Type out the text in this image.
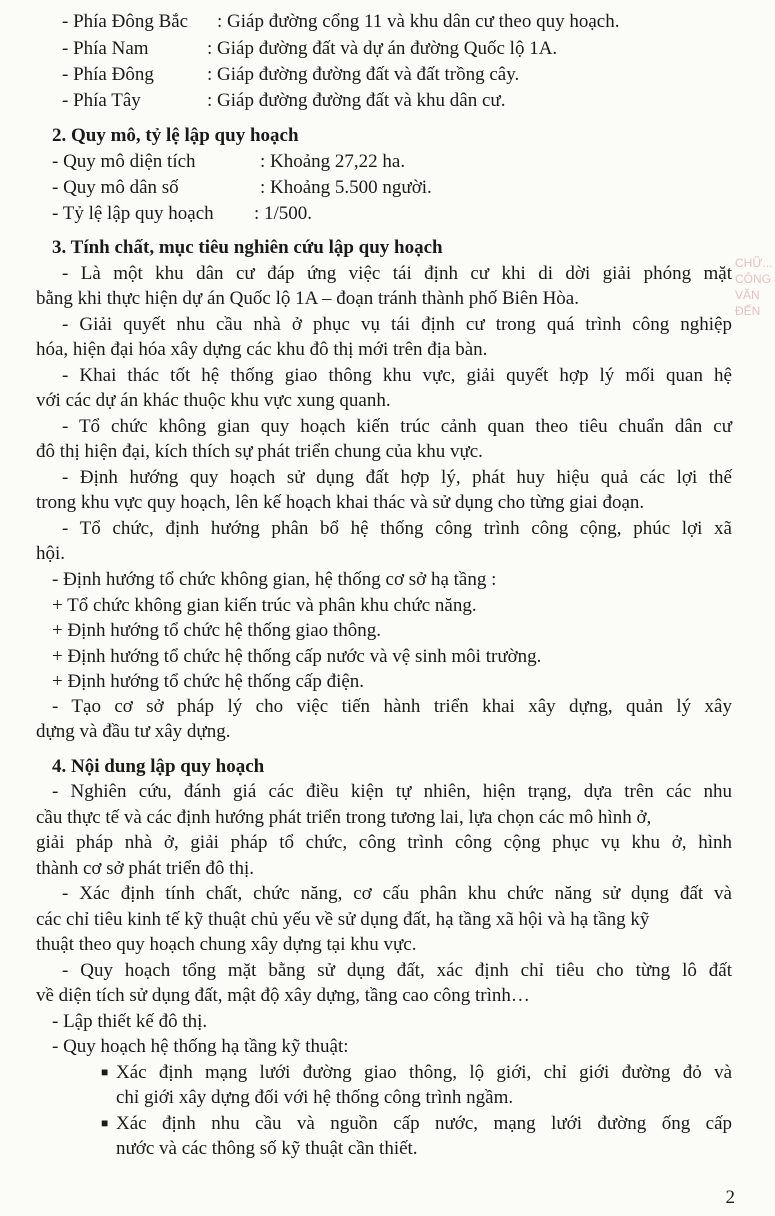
- Phía Đông Bắc : Giáp đường cổng 11 và khu dân cư theo quy hoạch.
- Phía Nam	: Giáp đường đất và dự án đường Quốc lộ 1A.
- Phía Đông	: Giáp đường đường đất và đất trồng cây.
- Phía Tây	: Giáp đường đường đất và khu dân cư.
2. Quy mô, tỷ lệ lập quy hoạch
- Quy mô diện tích	: Khoảng 27,22 ha.
- Quy mô dân số	: Khoảng 5.500 người.
- Tỷ lệ lập quy hoạch : 1/500.
3. Tính chất, mục tiêu nghiên cứu lập quy hoạch
- Là một khu dân cư đáp ứng việc tái định cư khi di dời giải phóng mặt
bằng khi thực hiện dự án Quốc lộ 1A – đoạn tránh thành phố Biên Hòa.
- Giải quyết nhu cầu nhà ở phục vụ tái định cư trong quá trình công nghiệp
hóa, hiện đại hóa xây dựng các khu đô thị mới trên địa bàn.
- Khai thác tốt hệ thống giao thông khu vực, giải quyết hợp lý mối quan hệ
với các dự án khác thuộc khu vực xung quanh.
- Tổ chức không gian quy hoạch kiến trúc cảnh quan theo tiêu chuẩn dân cư
đô thị hiện đại, kích thích sự phát triển chung của khu vực.
- Định hướng quy hoạch sử dụng đất hợp lý, phát huy hiệu quả các lợi thế
trong khu vực quy hoạch, lên kế hoạch khai thác và sử dụng cho từng giai đoạn.
- Tổ chức, định hướng phân bổ hệ thống công trình công cộng, phúc lợi xã
hội.
- Định hướng tổ chức không gian, hệ thống cơ sở hạ tầng :
+ Tổ chức không gian kiến trúc và phân khu chức năng.
+ Định hướng tổ chức hệ thống giao thông.
+ Định hướng tổ chức hệ thống cấp nước và vệ sinh môi trường.
+ Định hướng tổ chức hệ thống cấp điện.
- Tạo cơ sở pháp lý cho việc tiến hành triển khai xây dựng, quản lý xây
dựng và đầu tư xây dựng.
4. Nội dung lập quy hoạch
- Nghiên cứu, đánh giá các điều kiện tự nhiên, hiện trạng, dựa trên các nhu
cầu thực tế và các định hướng phát triển trong tương lai, lựa chọn các mô hình ở,
giải pháp nhà ở, giải pháp tổ chức, công trình công cộng phục vụ khu ở, hình
thành cơ sở phát triển đô thị.
- Xác định tính chất, chức năng, cơ cấu phân khu chức năng sử dụng đất và
các chỉ tiêu kinh tế kỹ thuật chủ yếu về sử dụng đất, hạ tầng xã hội và hạ tầng kỹ
thuật theo quy hoạch chung xây dựng tại khu vực.
- Quy hoạch tổng mặt bằng sử dụng đất, xác định chỉ tiêu cho từng lô đất
về diện tích sử dụng đất, mật độ xây dựng, tầng cao công trình…
- Lập thiết kế đô thị.
- Quy hoạch hệ thống hạ tầng kỹ thuật:
■ Xác định mạng lưới đường giao thông, lộ giới, chỉ giới đường đỏ và
chỉ giới xây dựng đối với hệ thống công trình ngầm.
■ Xác định nhu cầu và nguồn cấp nước, mạng lưới đường ống cấp
nước và các thông số kỹ thuật cần thiết.
2
CHỮ...
CÔNG
VĂN
ĐẾN
